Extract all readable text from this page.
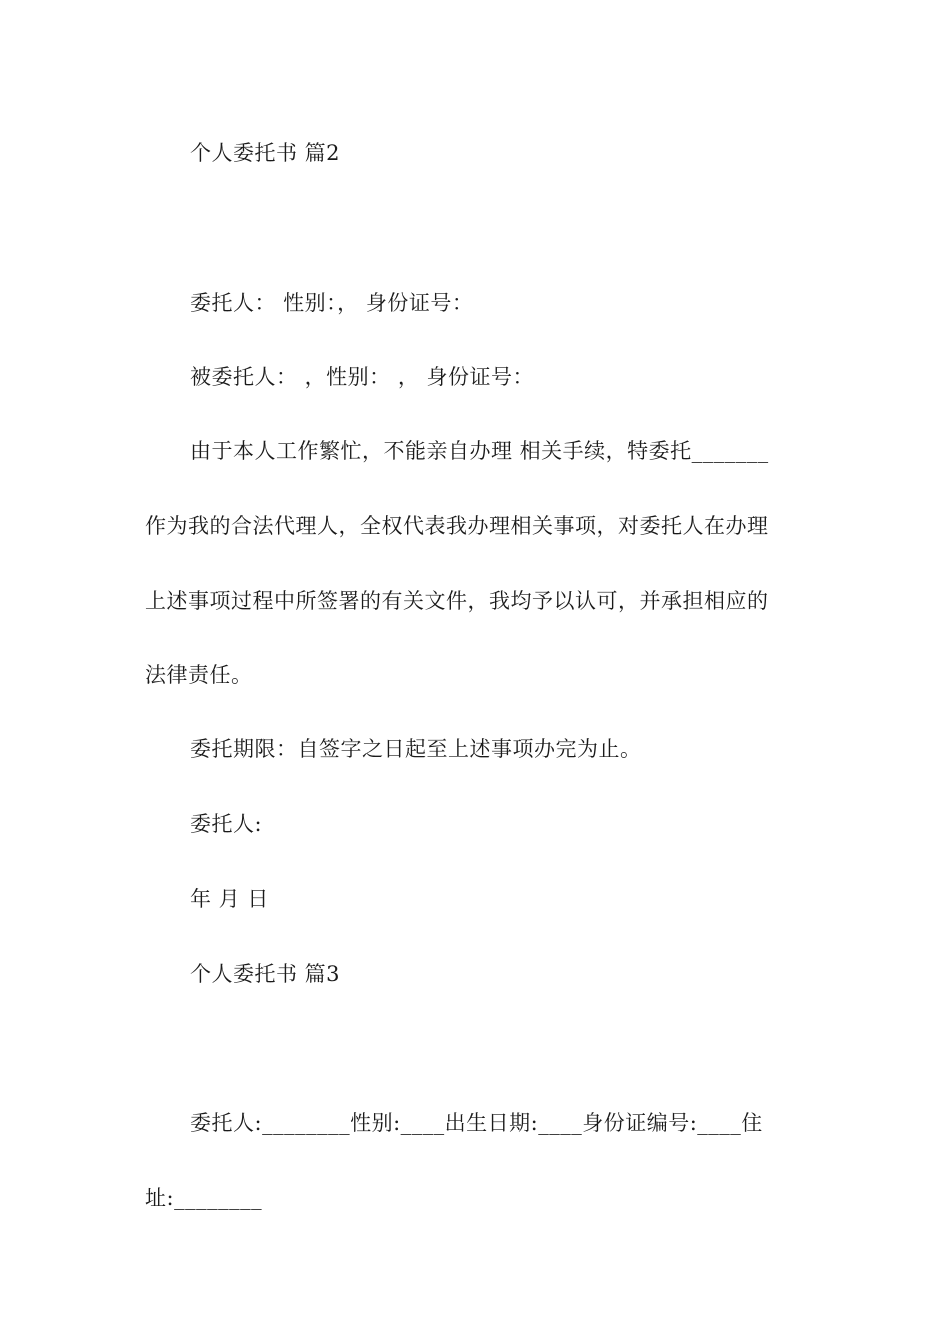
个人委托书 篇2
委托人： 性别：， 身份证号：
被委托人： ，性别： ， 身份证号：
由于本人工作繁忙，不能亲自办理 相关手续，特委托_______
作为我的合法代理人，全权代表我办理相关事项，对委托人在办理
上述事项过程中所签署的有关文件，我均予以认可，并承担相应的
法律责任。
委托期限：自签字之日起至上述事项办完为止。
委托人:
年 月 日
个人委托书 篇3
委托人:________性别:____出生日期:____身份证编号:____住
址:________
